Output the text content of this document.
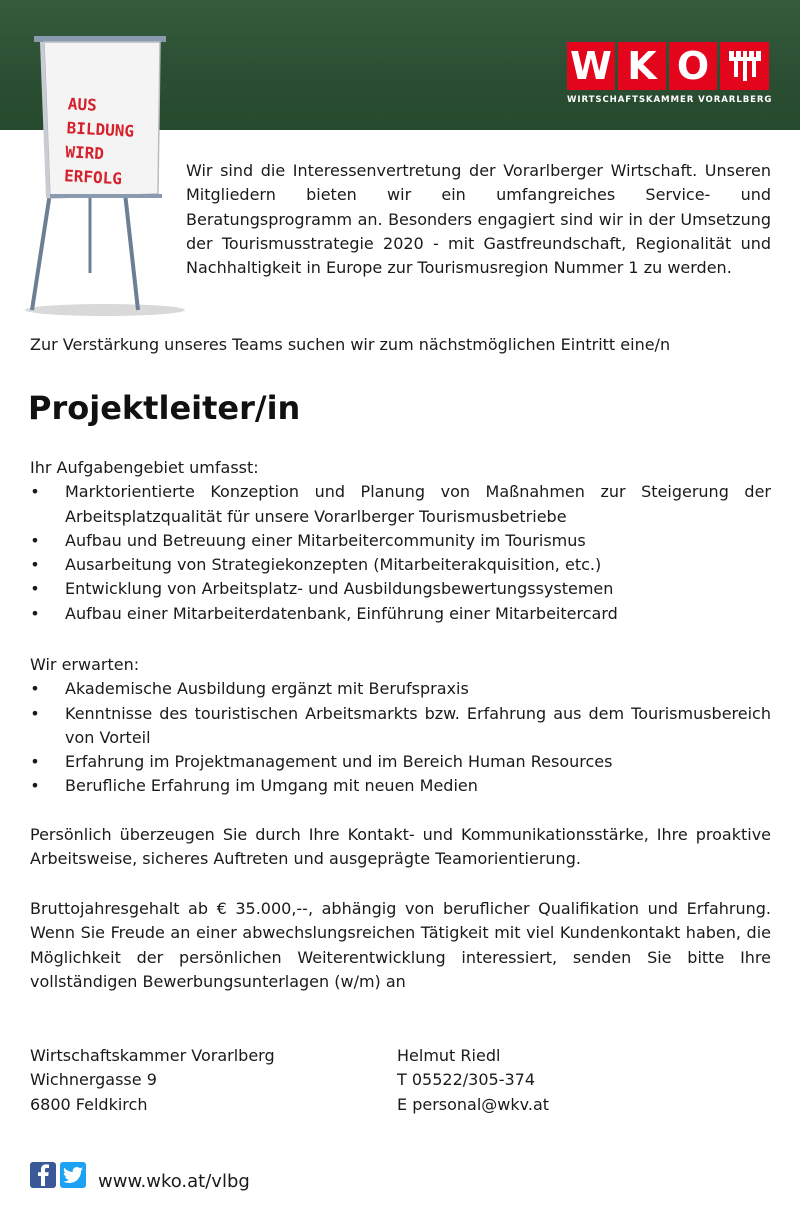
W K O
WIRTSCHAFTSKAMMER VORARLBERG
AUS
BILDUNG
WIRD
ERFOLG	Wir sind die Interessenvertretung der Vorarlberger Wirtschaft. Unseren Mitgliedern bieten wir ein umfangreiches Service- und Beratungsprogramm an. Besonders engagiert sind wir in der Umsetzung der Tourismusstrategie 2020 - mit Gastfreundschaft, Regionalität und Nachhaltigkeit in Europe zur Tourismusregion Nummer 1 zu werden.
Zur Verstärkung unseres Teams suchen wir zum nächstmöglichen Eintritt eine/n
Projektleiter/in
Ihr Aufgabengebiet umfasst:
• Marktorientierte Konzeption und Planung von Maßnahmen zur Steigerung der Arbeitsplatzqualität für unsere Vorarlberger Tourismusbetriebe
• Aufbau und Betreuung einer Mitarbeitercommunity im Tourismus
• Ausarbeitung von Strategiekonzepten (Mitarbeiterakquisition, etc.)
• Entwicklung von Arbeitsplatz- und Ausbildungsbewertungssystemen
• Aufbau einer Mitarbeiterdatenbank, Einführung einer Mitarbeitercard
Wir erwarten:
• Akademische Ausbildung ergänzt mit Berufspraxis
• Kenntnisse des touristischen Arbeitsmarkts bzw. Erfahrung aus dem Tourismusbereich von Vorteil
• Erfahrung im Projektmanagement und im Bereich Human Resources
• Berufliche Erfahrung im Umgang mit neuen Medien
Persönlich überzeugen Sie durch Ihre Kontakt- und Kommunikationsstärke, Ihre proaktive Arbeitsweise, sicheres Auftreten und ausgeprägte Teamorientierung.
Bruttojahresgehalt ab € 35.000,--, abhängig von beruflicher Qualifikation und Erfahrung. Wenn Sie Freude an einer abwechslungsreichen Tätigkeit mit viel Kundenkontakt haben, die Möglichkeit der persönlichen Weiterentwicklung interessiert, senden Sie bitte Ihre vollständigen Bewerbungsunterlagen (w/m) an
Wirtschaftskammer Vorarlberg
Wichnergasse 9
6800 Feldkirch
Helmut Riedl
T 05522/305-374
E personal@wkv.at
www.wko.at/vlbg
